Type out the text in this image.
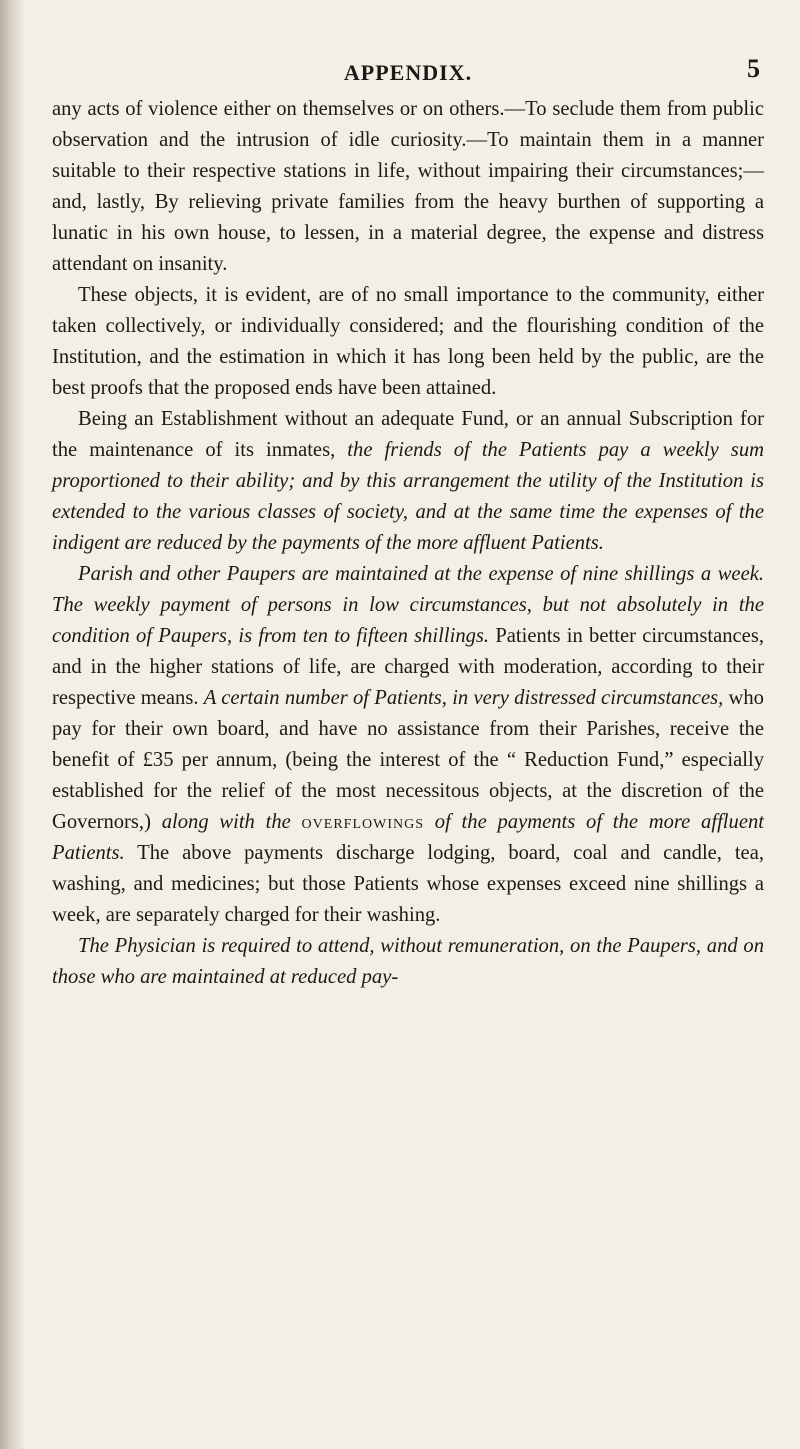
APPENDIX.	5

any acts of violence either on themselves or on others.—To seclude them from public observation and the intrusion of idle curiosity.—To maintain them in a manner suitable to their respective stations in life, without impairing their circumstances;—and, lastly, By relieving private families from the heavy burthen of supporting a lunatic in his own house, to lessen, in a material degree, the expense and distress attendant on insanity.

These objects, it is evident, are of no small importance to the community, either taken collectively, or individually considered; and the flourishing condition of the Institution, and the estimation in which it has long been held by the public, are the best proofs that the proposed ends have been attained.

Being an Establishment without an adequate Fund, or an annual Subscription for the maintenance of its inmates, the friends of the Patients pay a weekly sum proportioned to their ability; and by this arrangement the utility of the Institution is extended to the various classes of society, and at the same time the expenses of the indigent are reduced by the payments of the more affluent Patients.

Parish and other Paupers are maintained at the expense of nine shillings a week. The weekly payment of persons in low circumstances, but not absolutely in the condition of Paupers, is from ten to fifteen shillings. Patients in better circumstances, and in the higher stations of life, are charged with moderation, according to their respective means. A certain number of Patients, in very distressed circumstances, who pay for their own board, and have no assistance from their Parishes, receive the benefit of £35 per annum, (being the interest of the “ Reduction Fund,” especially established for the relief of the most necessitous objects, at the discretion of the Governors,) along with the overflowings of the payments of the more affluent Patients. The above payments discharge lodging, board, coal and candle, tea, washing, and medicines; but those Patients whose expenses exceed nine shillings a week, are separately charged for their washing.

The Physician is required to attend, without remuneration, on the Paupers, and on those who are maintained at reduced pay-
